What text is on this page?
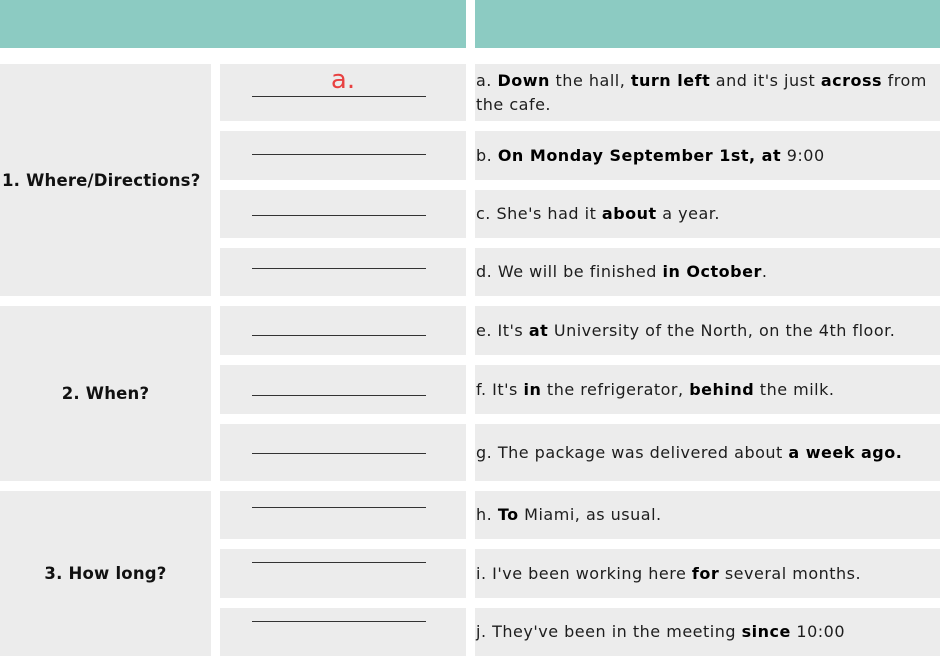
1. Where/Directions?
2. When?
3. How long?
a.	a. Down the hall, turn left and it's just across from the cafe.
b. On Monday September 1st, at 9:00
c. She's had it about a year.
d. We will be finished in October.
e. It's at University of the North, on the 4th floor.
f. It's in the refrigerator, behind the milk.
g. The package was delivered about a week ago.
h. To Miami, as usual.
i. I've been working here for several months.
j. They've been in the meeting since 10:00
